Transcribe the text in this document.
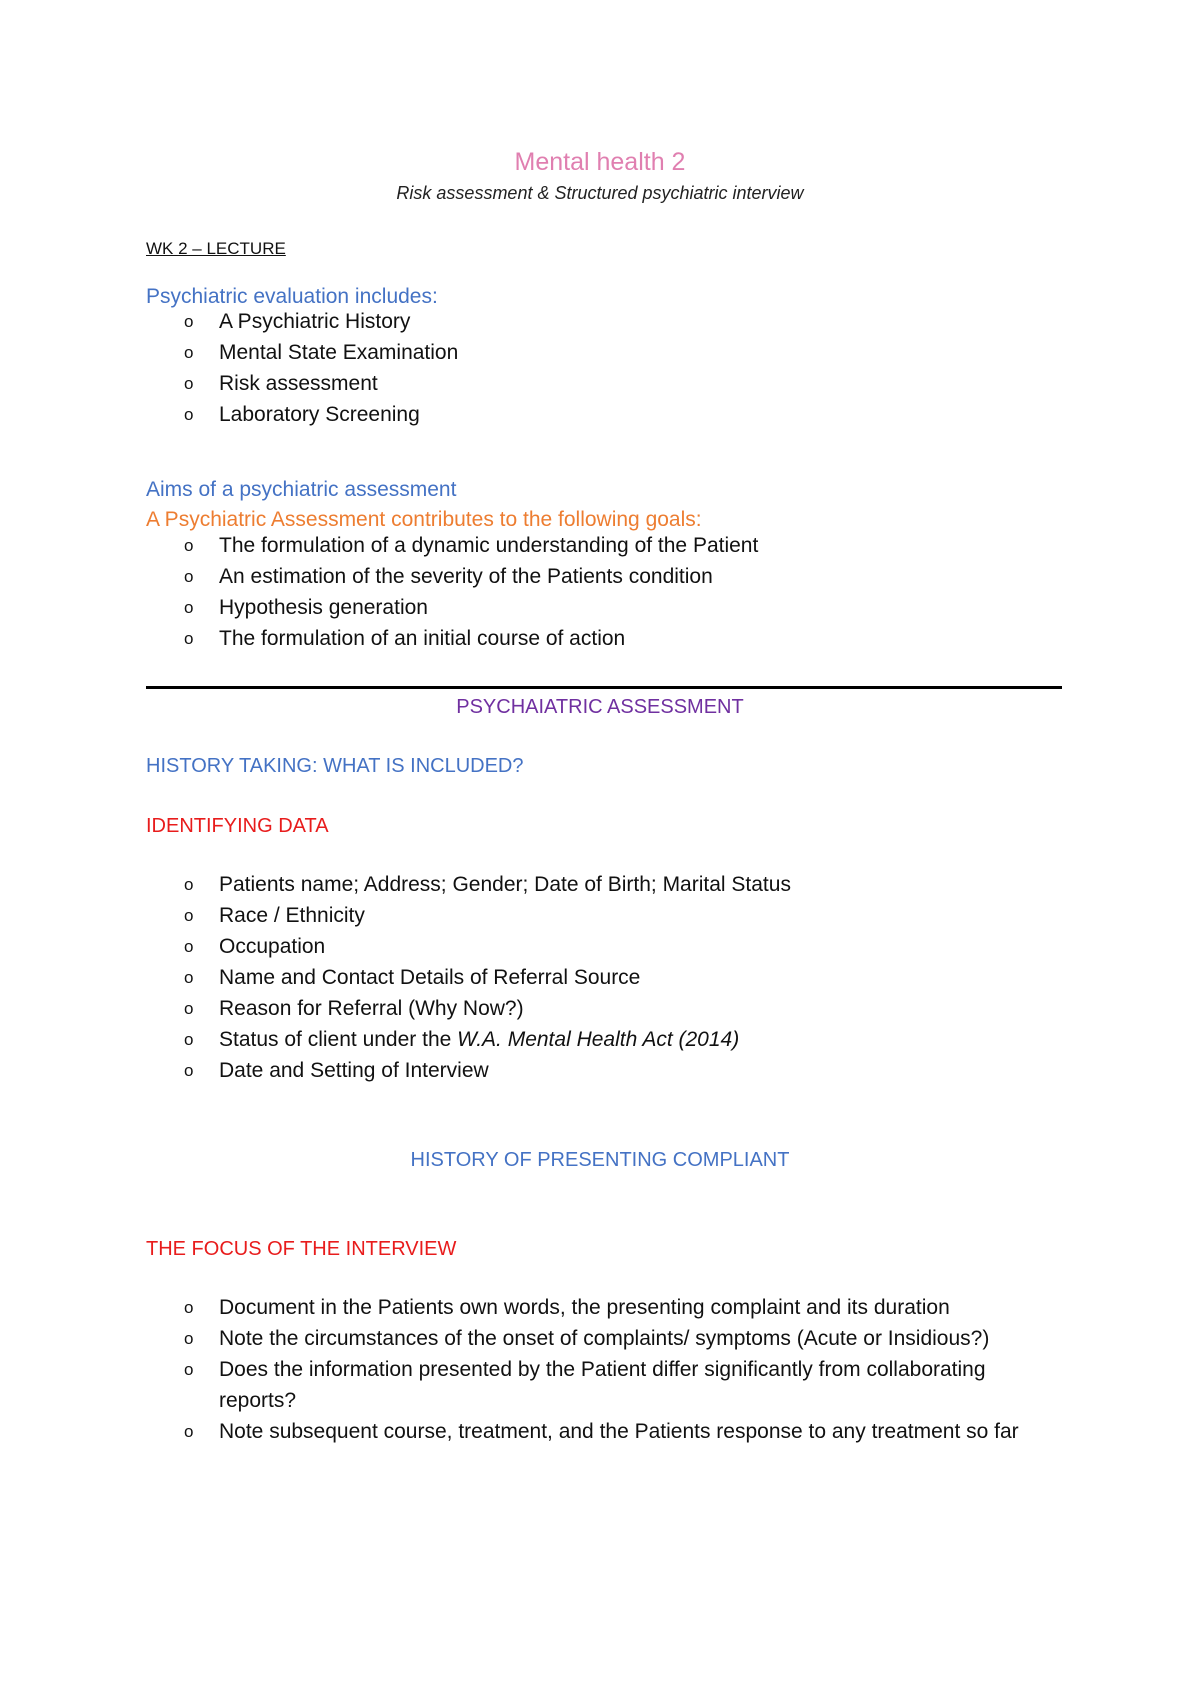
Mental health 2
Risk assessment & Structured psychiatric interview
WK 2 – LECTURE
Psychiatric evaluation includes:
o A Psychiatric History
o Mental State Examination
o Risk assessment
o Laboratory Screening
Aims of a psychiatric assessment
A Psychiatric Assessment contributes to the following goals:
o The formulation of a dynamic understanding of the Patient
o An estimation of the severity of the Patients condition
o Hypothesis generation
o The formulation of an initial course of action
PSYCHAIATRIC ASSESSMENT
HISTORY TAKING: WHAT IS INCLUDED?
IDENTIFYING DATA
o Patients name; Address; Gender; Date of Birth; Marital Status
o Race / Ethnicity
o Occupation
o Name and Contact Details of Referral Source
o Reason for Referral (Why Now?)
o Status of client under the W.A. Mental Health Act (2014)
o Date and Setting of Interview
HISTORY OF PRESENTING COMPLIANT
THE FOCUS OF THE INTERVIEW
o Document in the Patients own words, the presenting complaint and its duration
o Note the circumstances of the onset of complaints/ symptoms (Acute or Insidious?)
o Does the information presented by the Patient differ significantly from collaborating reports?
o Note subsequent course, treatment, and the Patients response to any treatment so far
